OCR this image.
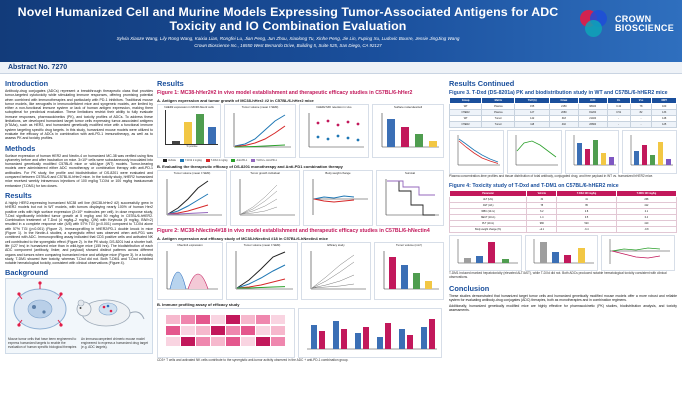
Novel Humanized Cell and Murine Models Expressing Tumor-Associated Antigens for ADC Toxicity and IO Combination Evaluation
Sylvia Xiaoze Wang, Lily Rong Wang, Kaixia Lian, Rongfei Lu, Jian Peng, Jun Zhou, Xiaolong Tu, Xinhe Peng, Jie Lin, Fuping Xu, Ludovic Bourre, Jessie JingJing Wang
Crown Bioscience Inc., 16550 West Bernardo Drive, Building 5, Suite 525, San Diego, CA 92127
CROWN
BIOSCIENCE
Abstract No. 7270
Introduction

Antibody-drug conjugates (ADCs) represent a breakthrough therapeutic class that provides tumor-targeted cytotoxicity while stimulating immune responses, offering promising potential when combined with immunotherapies and particularly with PD-1 inhibitors. Traditional mouse tumor models, like xenografts in immunodeficient mice and syngeneic models, are limited by either a non-functional immune system or lack of human antigen expression, making them suboptimal for preclinical evaluation. These limitations restrict their ability to fully evaluate immune responses, pharmacokinetics (PK), and toxicity profiles of ADCs. To address these limitations, we developed humanized target tumor cells expressing tumor-associated antigens (hTAAs), such as HER2, and humanized genetically modified mice with a functional immune system targeting specific drug targets. In this study, humanized mouse models were utilized to evaluate the efficacy of ADCs in combination with anti-PD-1 immunotherapy, as well as to assess PK and toxicity profiles.

Methods

Surface expression of human HER2 and Nectin-4 on humanized MC-38 was verified using flow cytometry before and after incubation on mice. 3×10⁵ cells were subcutaneously inoculated into humanized genetically modified C57BL/6 mice or wild-type (WT) models. Tumor-bearing models were administered either ADC monotherapy or combination therapy with anti-PD-1 antibodies. For PK study, the profile and biodistribution of DS-8201 were evaluated and compared between C57BL/6 and C57BL/6-hHer2 mice. In the toxicity study, hHER2 humanized mice received weekly intravenous injections of 100 mg/kg T-DXd or 100 mg/kg trastuzumab emtansine (T-DM1) for two doses.

Results

A highly HER2-expressing humanized MC38 cell line (MC38-hHer2 #2) successfully grew in hHER2 models but not in WT models, with tumors displaying nearly 100% of human Her2 positive cells with high surface expression (2×10⁵ molecules per cell). In dose response study, T-Dxd significantly inhibited tumor growth at 5 mg/kg and 50 mg/kg in C57BL/6-hHER2. Combination treatment of T-Dxd (4 mg/kg–2 mg/kg, QW) with Keytruda (5 mg/kg, BIW×2) resulted in a complete response rate (4/8) with 57% TGI (p<0.001) compared to T-DXd alone with 57% TGI (p<0.001) (Figure 2). Immunoprofiling in hHER2/PD-1 double knock in mice (Figure 1). In the Nectin-4 studies, a synergistic effect was observed when anti-PD1 was combined with ADC. Immunoprofiling assay indicated that CD3 positive cells and activated NK cell contributed to the synergistic effect (Figure 2). In the PK study, DS-8201 had a shorter half-life (127 hrs) in humanized mice than in wild-type mice (155 hrs). The biodistribution of each ADC component (antibody, linker, and payload) showed distinct patterns across different organs and tumors when comparing humanized mice and wildtype mice (Figure 3). In a toxicity study, T-DM1 showed liver toxicity, whereas T-Dxd did not. Both T-DM1 and T-Dxd exhibited notable hematological toxicity, consistent with clinical observations (Figure 4).

Background
Mouse tumor cells that have been engineered to express humanized targets to enable the evaluation of human specific biological therapies
An immunocompetent chimeric mouse model engineered to express a humanized drug target (e.g. ADC targets).
Results
Figure 1: MC38-hHer2#2 in vivo model establishment and therapeutic efficacy studies in C57BL/6-hHer2
A. Antigen expression and tumor growth of MC38-hHer2 #2 in C57BL/6-hHer2 mice
hHER2 expression in MC38-hHer2 cells
% positive
Tumor volume (mean ± SEM)	hHER2 MFI retention in vivo	Surface molecules/cell
Vehicle	T-DXd 2 mg/kg	T-DXd 4 mg/kg	Anti-PD-1	T-DXd + Anti-PD-1
B. Evaluating the therapeutic efficacy of DS-8201 monotherapy and Anti-PD1 combination therapy
Tumor volume (mean ± SEM)	Tumor growth individual	Body weight change	Survival
Figure 2: MC38-hNectin4#18 in vivo model establishment and therapeutic efficacy studies in C57BL/6-hNectin4
A. Antigen expression and efficacy study of MC38-hNectin4 #18 in C57BL/6-hNectin4 mice
hNectin4 expression	Tumor volume (mean ± SEM)	Efficacy study	Tumor volume (mm³)
B. Immune profiling assay of efficacy study
CD3+ T cells and activated NK cells contribute to the synergistic anti-tumor activity observed in the ADC + anti-PD-1 combination group.
Results Continued
Figure 3. T-Dxd (DS-8201a) PK and biodistribution study in WT and C57BL/6-hHER2 mice
Group	Matrix	T1/2 (h)	Cmax	AUC	CL	Vss	MRT
WT	Plasma	155	2150	98400	0.42	78	160
hHER2	Plasma	127	2080	81200	0.51	82	133
WT	Tumor	142	318	21400	-	-	148
hHER2	Tumor	118	402	26800	-	-	125
Plasma concentration-time profiles and tissue distribution of total antibody, conjugated drug, and free payload in WT vs. humanized hHER2 mice.
Figure 4: Toxicity study of T-Dxd and T-DM1 on C57BL/6-hHER2 mice
Parameter	Vehicle	T-DXd 100 mg/kg	T-DM1 100 mg/kg
ALT (U/L)	32	41	268
AST (U/L)	78	95	412
WBC (10⁹/L)	6.2	2.8	2.1
NEUT (10⁹/L)	1.4	0.5	0.4
PLT (10⁹/L)	980	520	410
Body weight change (%)	+2.1	-6.4	-9.8
T-DM1 induced marked hepatotoxicity (elevated ALT/AST), while T-DXd did not. Both ADCs produced notable hematological toxicity consistent with clinical observations.
Conclusion

These studies demonstrated that humanized target tumor cells and humanized genetically modified mouse models offer a more robust and reliable system for evaluating antibody-drug conjugates (ADC) therapies, both as monotherapies and in combination regimens.

Additionally, humanized genetically modified mice are highly effective for pharmacokinetic (PK) studies, biodistribution analysis, and toxicity assessments.
